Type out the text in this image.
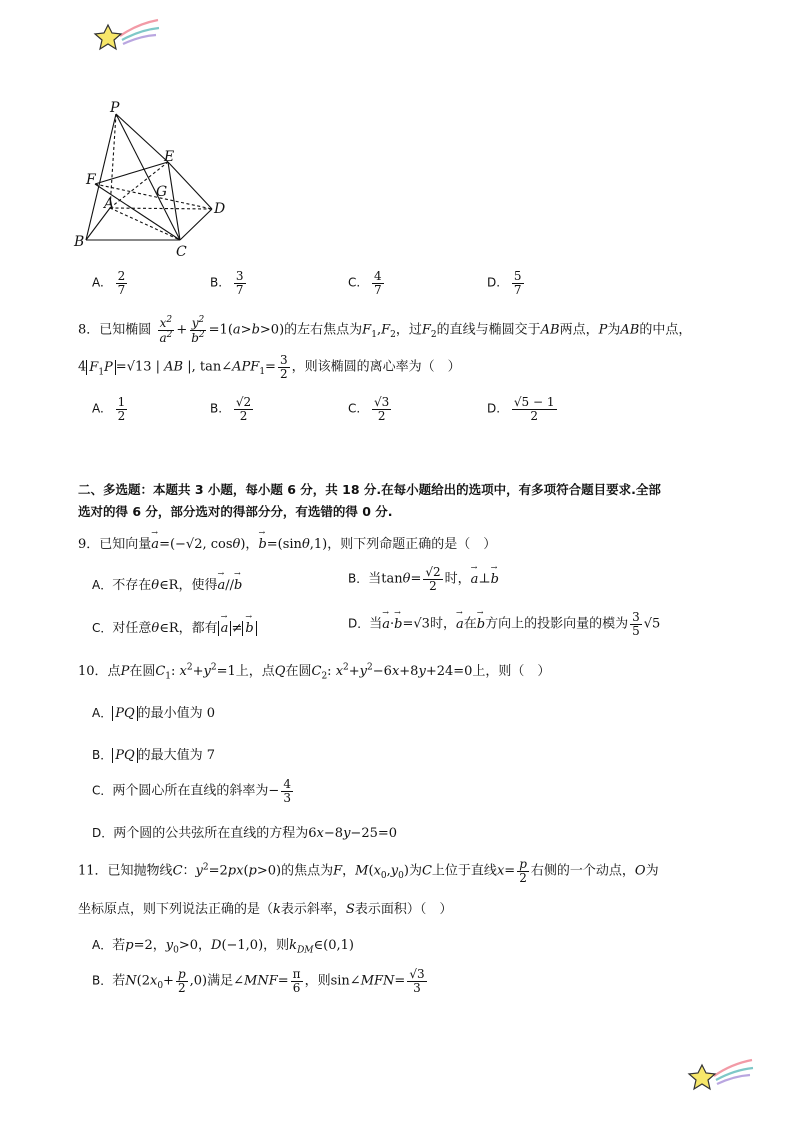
P
E
F
G
A	D
B
C
A. $\frac{2}{7}$	B. $\frac{3}{7}$	C. $\frac{4}{7}$	D. $\frac{5}{7}$
8．已知椭圆 $\frac{x^2}{a^2} + \frac{y^2}{b^2} =1(a>b>0)$的左右焦点为$F_1,F_2$，过$F_2$的直线与椭圆交于AB两点，P为AB的中点，
4 $F_1P =√13$ | AB |, $\tan\angle APF_1= \frac{3}{2}$ ，则该椭圆的离心率为（　）
A. $\frac{1}{2}$	B. $\frac{√2}{2}$	C. $\frac{√3}{2}$	D. $\frac{√5 - 1}{2}$
二、多选题：本题共 3 小题，每小题 6 分，共 18 分.在每小题给出的选项中，有多项符合题目要求.全部
选对的得 6 分，部分选对的得部分分，有选错的得 0 分.
9．已知向量a →=(−√2, cosθ)，b →=(sinθ,1)，则下列命题正确的是（　）
A．不存在θ∈R，使得a →//b →	B．当$\tan\theta= \frac{√2}{2}$ 时，a →⊥b →
C．对任意θ∈R，都有 a → ≠ b →	D．当a →·b →=√3时，a →在b →方向上的投影向量的模为 $\frac{3}{5} √5$
10．点P在圆$C_1$: $x^2+y^2=1$上，点Q在圆$C_2$: $x^2+y^2-6x+8y+24=0$上，则（　）
A． PQ 的最小值为 0
B． PQ 的最大值为 7
C．两个圆心所在直线的斜率为− $\frac{4}{3}$
D．两个圆的公共弦所在直线的方程为6x−8y−25=0
11．已知抛物线C：$y^2=2px(p>0)$的焦点为F，$M(x_0,y_0)$为C上位于直线$x= \frac{p}{2}$ 右侧的一个动点，O为
坐标原点，则下列说法正确的是（k表示斜率，S表示面积）（　）
A．若p=2，$y_0>0$，D(−1,0)，则$k_{DM}\in(0,1)$
B．若$N(2x_0+ \frac{p}{2} ,0)$满足∠MNF= $\frac{\pi}{6}$ ，则sin∠MFN= $\frac{√3}{3}$
